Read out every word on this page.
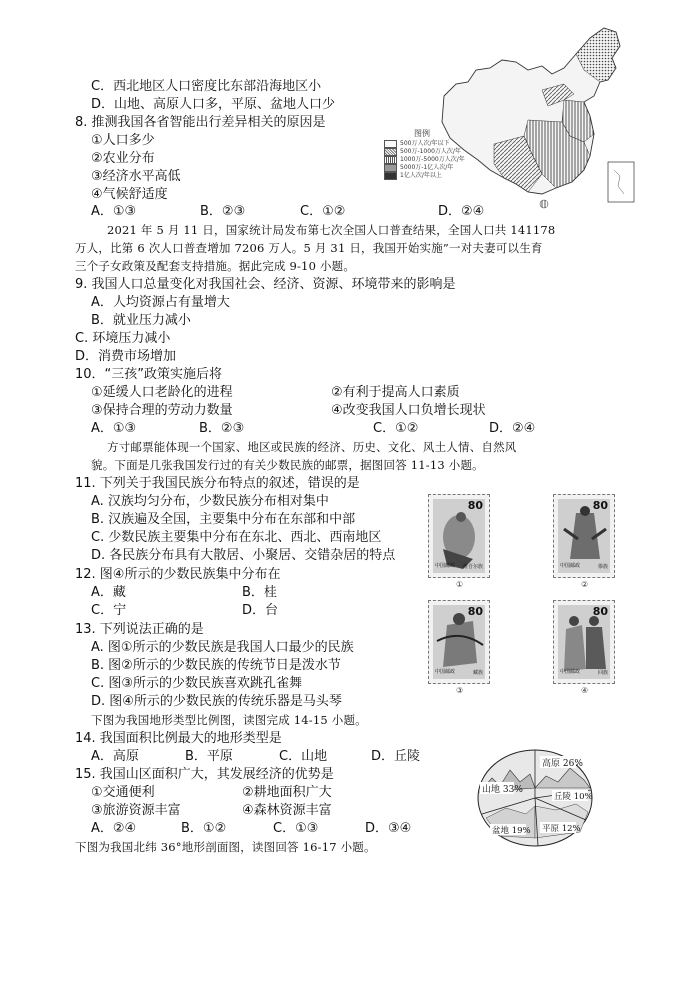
C．西北地区人口密度比东部沿海地区小
D．山地、高原人口多，平原、盆地人口少
8. 推测我国各省智能出行差异相关的原因是
①人口多少
②农业分布
③经济水平高低
④气候舒适度
A．①③	B．②③	C．①②	D．②④
2021 年 5 月 11 日，国家统计局发布第七次全国人口普查结果，全国人口共 141178
万人，比第 6 次人口普查增加 7206 万人。5 月 31 日，我国开始实施”一对夫妻可以生育
三个子女政策及配套支持措施。据此完成 9-10 小题。
9. 我国人口总量变化对我国社会、经济、资源、环境带来的影响是
A．人均资源占有量增大
B．就业压力减小
C. 环境压力减小
D．消费市场增加
10．“三孩”政策实施后将
①延缓人口老龄化的进程	②有利于提高人口素质
③保持合理的劳动力数量	④改变我国人口负增长现状
A．①③	B．②③	C．①②	D．②④
方寸邮票能体现一个国家、地区或民族的经济、历史、文化、风土人情、自然风
貌。下面是几张我国发行过的有关少数民族的邮票，据图回答 11-13 小题。
11. 下列关于我国民族分布特点的叙述，错误的是
A. 汉族均匀分布，少数民族分布相对集中
B. 汉族遍及全国，主要集中分布在东部和中部
C. 少数民族主要集中分布在东北、西北、西南地区
D. 各民族分布具有大散居、小聚居、交错杂居的特点
12. 图④所示的少数民族集中分布在
A．藏	B．桂
C．宁	D．台
13. 下列说法正确的是
A. 图①所示的少数民族是我国人口最少的民族
B. 图②所示的少数民族的传统节日是泼水节
C. 图③所示的少数民族喜欢跳孔雀舞
D. 图④所示的少数民族的传统乐器是马头琴
下图为我国地形类型比例图，读图完成 14-15 小题。
14. 我国面积比例最大的地形类型是
A．高原	B．平原	C．山地	D．丘陵
15. 我国山区面积广大，其发展经济的优势是
①交通便利	②耕地面积广大
③旅游资源丰富	④森林资源丰富
A．②④	B．①②	C．①③	D．③④
下图为我国北纬 36°地形剖面图，读图回答 16-17 小题。
图例
500万人次/年以下
500万-1000万人次/年
1000万-5000万人次/年
5000万-1亿人次/年
1亿人次/年以上
80
中国邮政 维吾尔族
①
80
中国邮政	傣族
②
80
中国邮政	藏族
③
80
中国邮政	回族
④
高原 26%
山地 33%
丘陵 10%
盆地 19% 平原 12%
